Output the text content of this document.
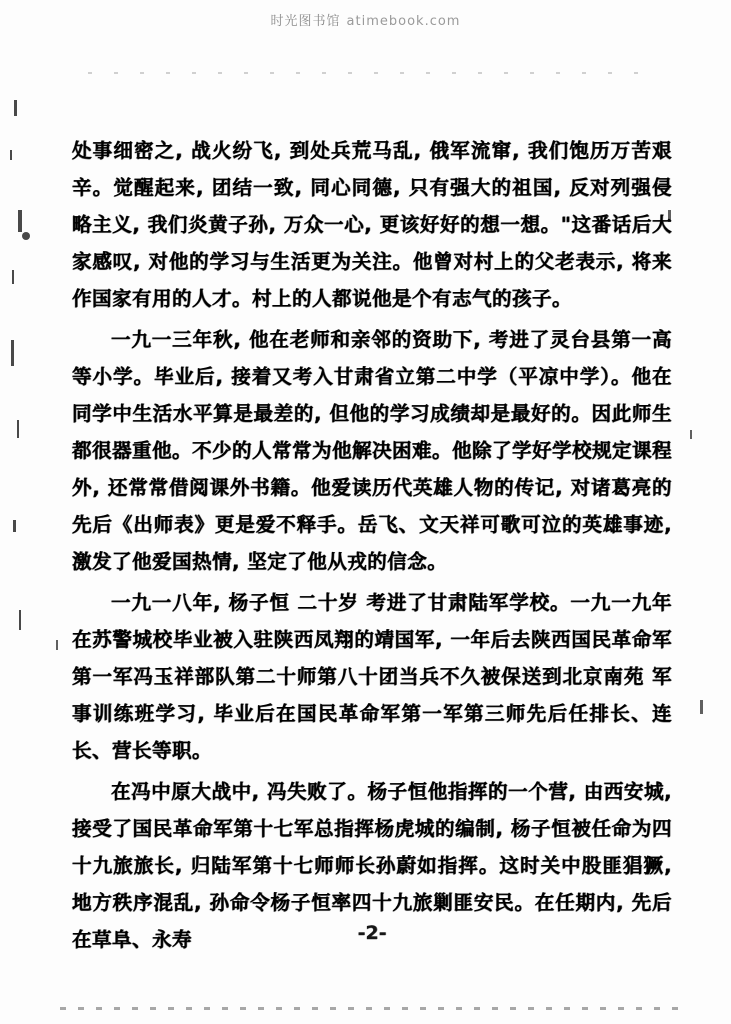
时光图书馆 atimebook.com

处事细密之, 战火纷飞, 到处兵荒马乱, 俄军流窜, 我们饱历万苦艰辛。觉醒起来, 团结一致, 同心同德, 只有强大的祖国, 反对列强侵略主义, 我们炎黄子孙, 万众一心, 更该好好的想一想。"这番话后大家感叹, 对他的学习与生活更为关注。他曾对村上的父老表示, 将来作国家有用的人才。村上的人都说他是个有志气的孩子。

一九一三年秋, 他在老师和亲邻的资助下, 考进了灵台县第一高等小学。毕业后, 接着又考入甘肃省立第二中学（平凉中学）。他在同学中生活水平算是最差的, 但他的学习成绩却是最好的。因此师生都很器重他。不少的人常常为他解决困难。他除了学好学校规定课程外, 还常常借阅课外书籍。他爱读历代英雄人物的传记, 对诸葛亮的先后《出师表》更是爱不释手。岳飞、文天祥可歌可泣的英雄事迹, 激发了他爱国热情, 坚定了他从戎的信念。

一九一八年, 杨子恒 二十岁 考进了甘肃陆军学校。一九一九年在苏警城校毕业被入驻陕西凤翔的靖国军, 一年后去陕西国民革命军第一军冯玉祥部队第二十师第八十团当兵不久被保送到北京南苑 军事训练班学习, 毕业后在国民革命军第一军第三师先后任排长、连长、营长等职。

在冯中原大战中, 冯失败了。杨子恒他指挥的一个营, 由西安城, 接受了国民革命军第十七军总指挥杨虎城的编制, 杨子恒被任命为四十九旅旅长, 归陆军第十七师师长孙蔚如指挥。这时关中股匪猖獗, 地方秩序混乱, 孙命令杨子恒率四十九旅剿匪安民。在任期内, 先后在草阜、永寿	-2-
